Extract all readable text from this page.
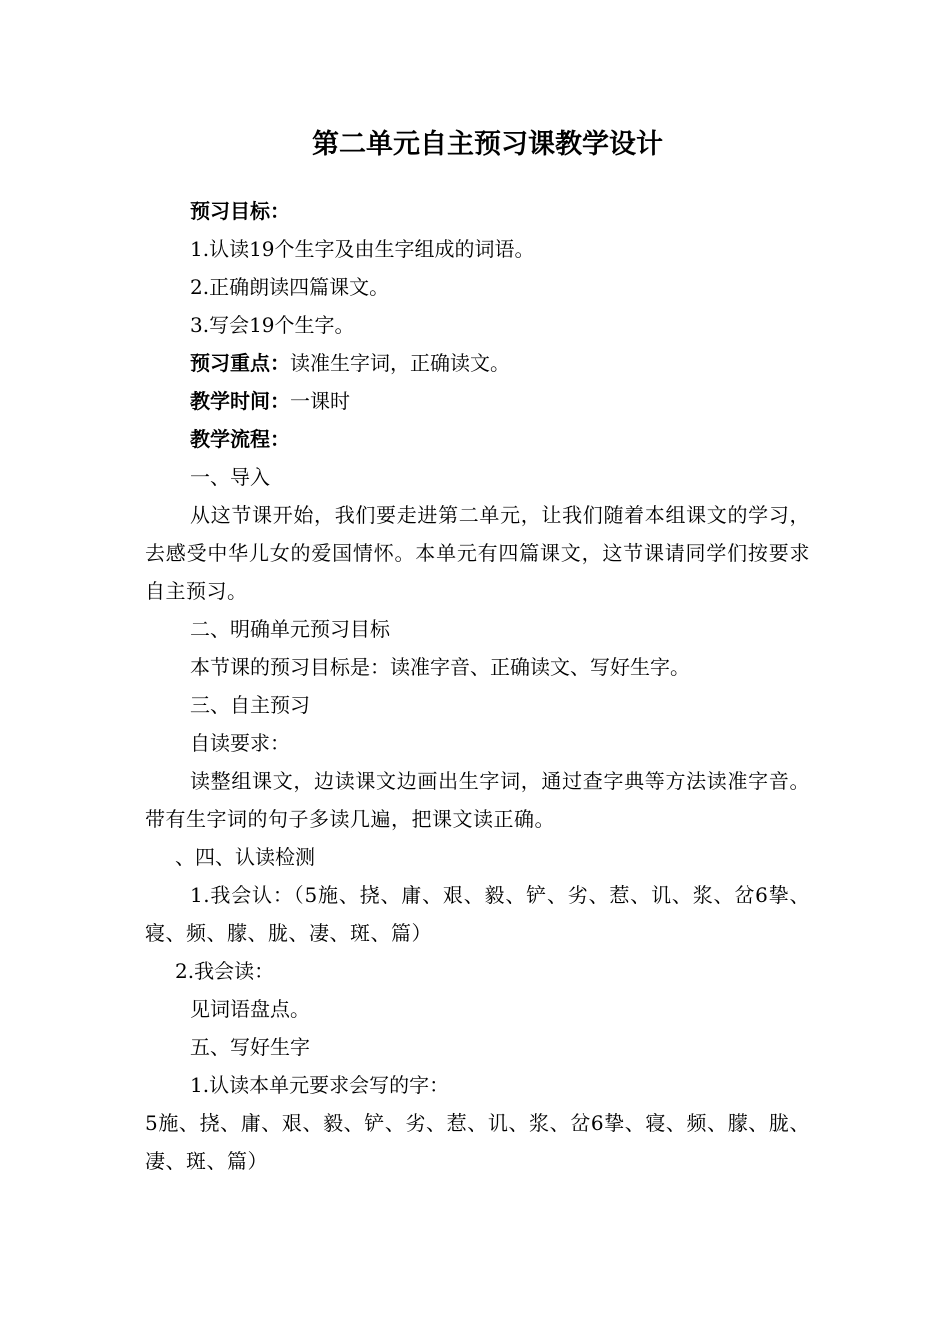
第二单元自主预习课教学设计

预习目标：

1.认读19个生字及由生字组成的词语。

2.正确朗读四篇课文。

3.写会19个生字。

预习重点：读准生字词，正确读文。

教学时间：一课时

教学流程：

一、导入

从这节课开始，我们要走进第二单元，让我们随着本组课文的学习，去感受中华儿女的爱国情怀。本单元有四篇课文，这节课请同学们按要求自主预习。

二、明确单元预习目标

本节课的预习目标是：读准字音、正确读文、写好生字。

三、自主预习

自读要求：

读整组课文，边读课文边画出生字词，通过查字典等方法读准字音。带有生字词的句子多读几遍，把课文读正确。

、四、认读检测

1.我会认：（5施、挠、庸、艰、毅、铲、劣、惹、讥、浆、岔6挚、寝、频、朦、胧、凄、斑、篇）

2.我会读：

见词语盘点。

五、写好生字

1.认读本单元要求会写的字：

5施、挠、庸、艰、毅、铲、劣、惹、讥、浆、岔6挚、寝、频、朦、胧、凄、斑、篇）
